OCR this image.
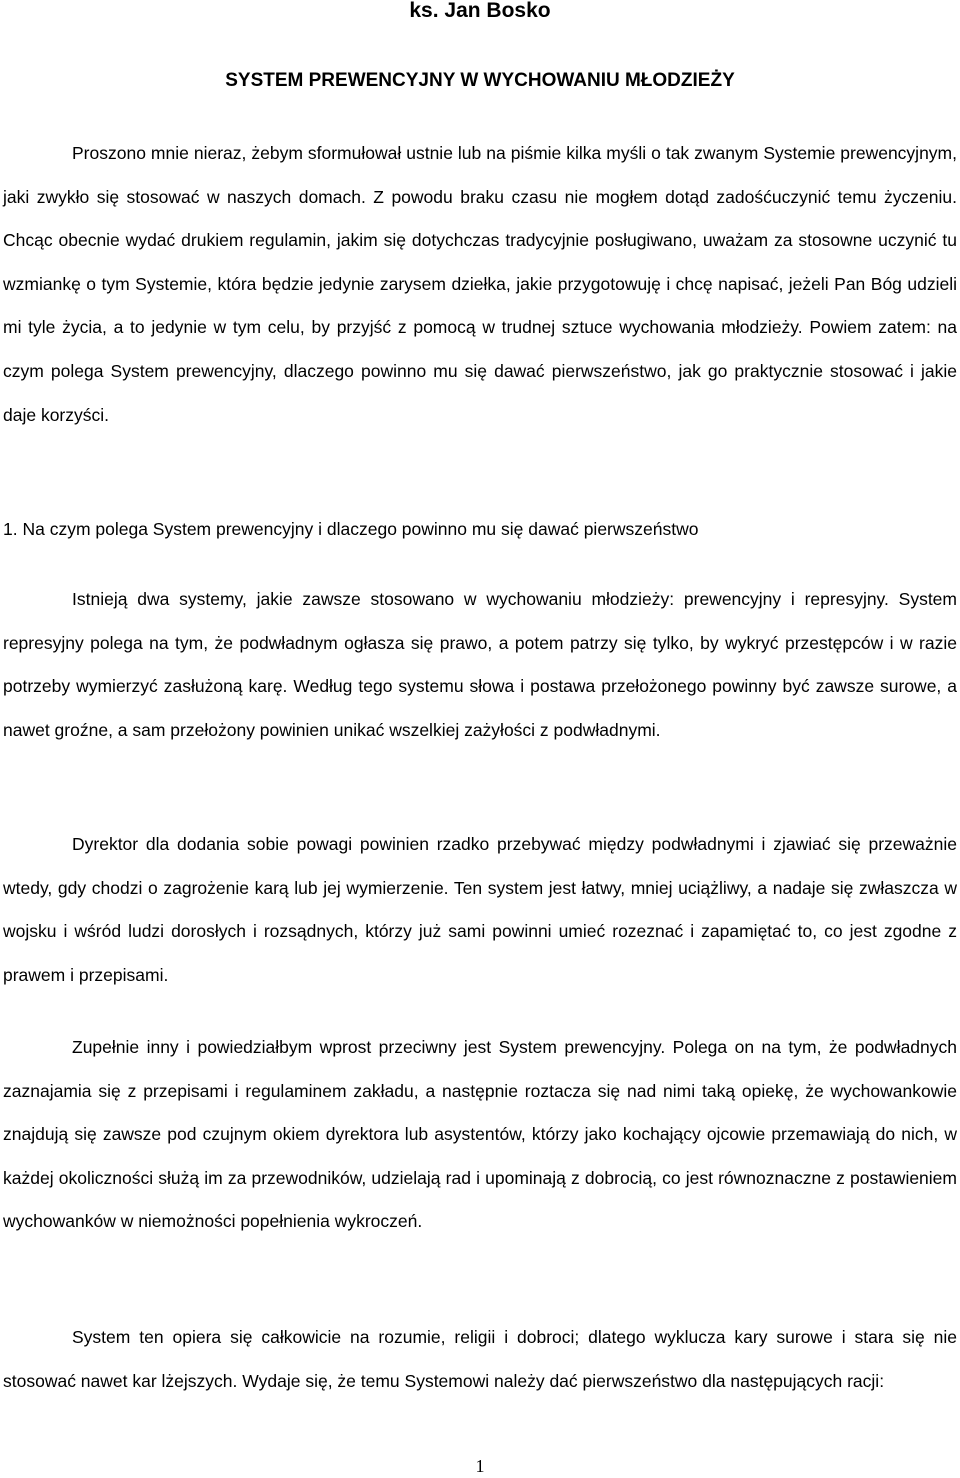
ks. Jan Bosko
SYSTEM PREWENCYJNY W WYCHOWANIU MŁODZIEŻY

Proszono mnie nieraz, żebym sformułował ustnie lub na piśmie kilka myśli o tak zwanym Systemie prewencyjnym, jaki zwykło się stosować w naszych domach. Z powodu braku czasu nie mogłem dotąd zadośćuczynić temu życzeniu. Chcąc obecnie wydać drukiem regulamin, jakim się dotychczas tradycyjnie posługiwano, uważam za stosowne uczynić tu wzmiankę o tym Systemie, która będzie jedynie zarysem dziełka, jakie przygotowuję i chcę napisać, jeżeli Pan Bóg udzieli mi tyle życia, a to jedynie w tym celu, by przyjść z pomocą w trudnej sztuce wychowania młodzieży. Powiem zatem: na czym polega System prewencyjny, dlaczego powinno mu się dawać pierwszeństwo, jak go praktycznie stosować i jakie daje korzyści.

1. Na czym polega System prewencyjny i dlaczego powinno mu się dawać pierwszeństwo

Istnieją dwa systemy, jakie zawsze stosowano w wychowaniu młodzieży: prewencyjny i represyjny. System represyjny polega na tym, że podwładnym ogłasza się prawo, a potem patrzy się tylko, by wykryć przestępców i w razie potrzeby wymierzyć zasłużoną karę. Według tego systemu słowa i postawa przełożonego powinny być zawsze surowe, a nawet groźne, a sam przełożony powinien unikać wszelkiej zażyłości z podwładnymi.

Dyrektor dla dodania sobie powagi powinien rzadko przebywać między podwładnymi i zjawiać się przeważnie wtedy, gdy chodzi o zagrożenie karą lub jej wymierzenie. Ten system jest łatwy, mniej uciążliwy, a nadaje się zwłaszcza w wojsku i wśród ludzi dorosłych i rozsądnych, którzy już sami powinni umieć rozeznać i zapamiętać to, co jest zgodne z prawem i przepisami.

Zupełnie inny i powiedziałbym wprost przeciwny jest System prewencyjny. Polega on na tym, że podwładnych zaznajamia się z przepisami i regulaminem zakładu, a następnie roztacza się nad nimi taką opiekę, że wychowankowie znajdują się zawsze pod czujnym okiem dyrektora lub asystentów, którzy jako kochający ojcowie przemawiają do nich, w każdej okoliczności służą im za przewodników, udzielają rad i upominają z dobrocią, co jest równoznaczne z postawieniem wychowanków w niemożności popełnienia wykroczeń.

System ten opiera się całkowicie na rozumie, religii i dobroci; dlatego wyklucza kary surowe i stara się nie stosować nawet kar lżejszych. Wydaje się, że temu Systemowi należy dać pierwszeństwo dla następujących racji:

1
